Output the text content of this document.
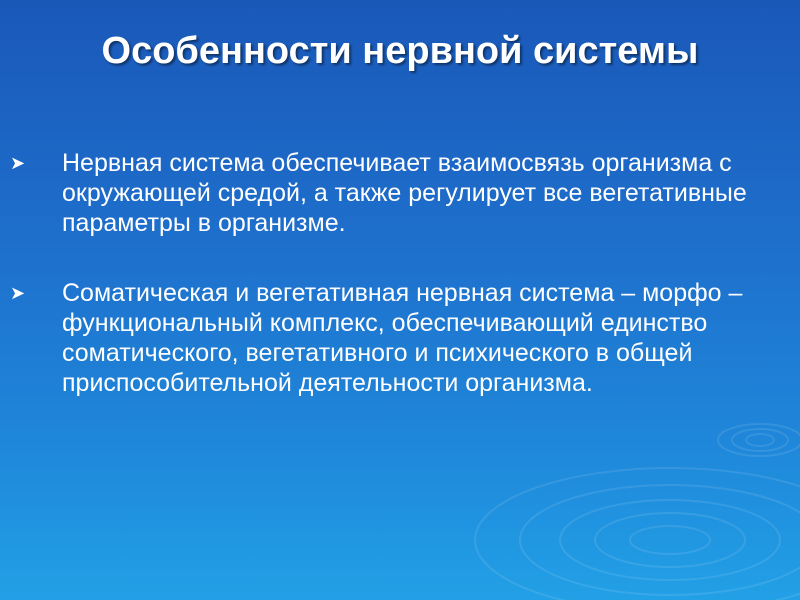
Особенности нервной системы
➤ Нервная система обеспечивает взаимосвязь организма с окружающей средой, а также регулирует все вегетативные параметры в организме.
➤ Соматическая и вегетативная нервная система – морфо – функциональный комплекс, обеспечивающий единство соматического, вегетативного и психического в общей приспособительной деятельности организма.
